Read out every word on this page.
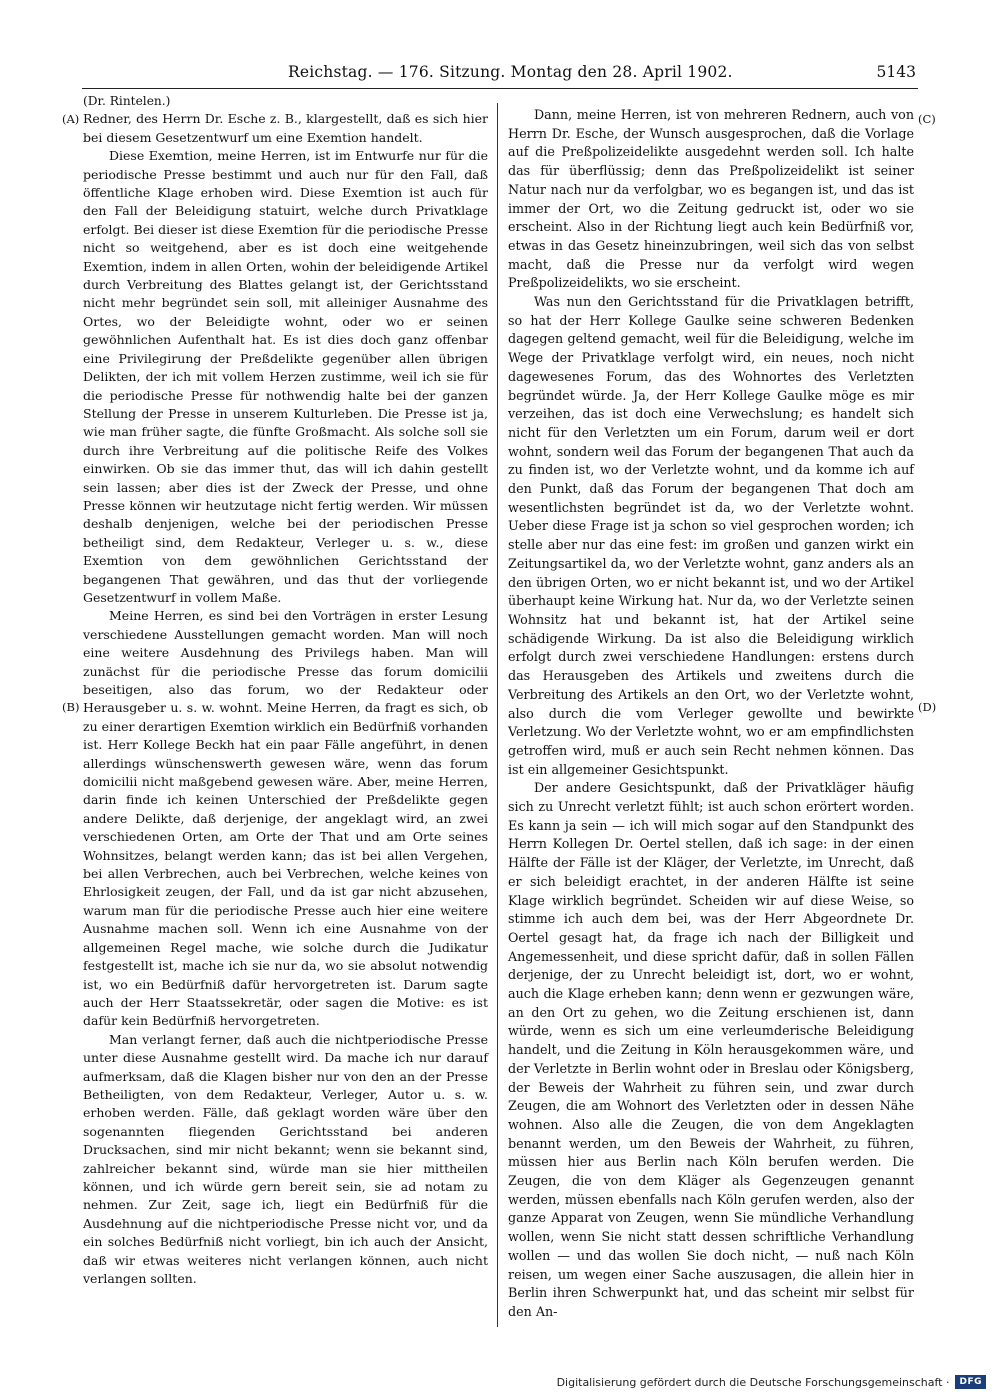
Reichstag. — 176. Sitzung. Montag den 28. April 1902.	5143

(Dr. Rintelen.)

Redner, des Herrn Dr. Esche z. B., klargestellt, daß es sich hier bei diesem Gesetzentwurf um eine Exemtion handelt.

Diese Exemtion, meine Herren, ist im Entwurfe nur für die periodische Presse bestimmt und auch nur für den Fall, daß öffentliche Klage erhoben wird. Diese Exemtion ist auch für den Fall der Beleidigung statuirt, welche durch Privatklage erfolgt. Bei dieser ist diese Exemtion für die periodische Presse nicht so weitgehend, aber es ist doch eine weitgehende Exemtion, indem in allen Orten, wohin der beleidigende Artikel durch Verbreitung des Blattes gelangt ist, der Gerichtsstand nicht mehr begründet sein soll, mit alleiniger Ausnahme des Ortes, wo der Beleidigte wohnt, oder wo er seinen gewöhnlichen Aufenthalt hat. Es ist dies doch ganz offenbar eine Privilegirung der Preßdelikte gegenüber allen übrigen Delikten, der ich mit vollem Herzen zustimme, weil ich sie für die periodische Presse für nothwendig halte bei der ganzen Stellung der Presse in unserem Kulturleben. Die Presse ist ja, wie man früher sagte, die fünfte Großmacht. Als solche soll sie durch ihre Verbreitung auf die politische Reife des Volkes einwirken. Ob sie das immer thut, das will ich dahin gestellt sein lassen; aber dies ist der Zweck der Presse, und ohne Presse können wir heutzutage nicht fertig werden. Wir müssen deshalb denjenigen, welche bei der periodischen Presse betheiligt sind, dem Redakteur, Verleger u. s. w., diese Exemtion von dem gewöhnlichen Gerichtsstand der begangenen That gewähren, und das thut der vorliegende Gesetzentwurf in vollem Maße.

Meine Herren, es sind bei den Vorträgen in erster Lesung verschiedene Ausstellungen gemacht worden. Man will noch eine weitere Ausdehnung des Privilegs haben. Man will zunächst für die periodische Presse das forum domicilii beseitigen, also das forum, wo der Redakteur oder Herausgeber u. s. w. wohnt. Meine Herren, da fragt es sich, ob zu einer derartigen Exemtion wirklich ein Bedürfniß vorhanden ist. Herr Kollege Beckh hat ein paar Fälle angeführt, in denen allerdings wünschenswerth gewesen wäre, wenn das forum domicilii nicht maßgebend gewesen wäre. Aber, meine Herren, darin finde ich keinen Unterschied der Preßdelikte gegen andere Delikte, daß derjenige, der angeklagt wird, an zwei verschiedenen Orten, am Orte der That und am Orte seines Wohnsitzes, belangt werden kann; das ist bei allen Vergehen, bei allen Verbrechen, auch bei Verbrechen, welche keines von Ehrlosigkeit zeugen, der Fall, und da ist gar nicht abzusehen, warum man für die periodische Presse auch hier eine weitere Ausnahme machen soll. Wenn ich eine Ausnahme von der allgemeinen Regel mache, wie solche durch die Judikatur festgestellt ist, mache ich sie nur da, wo sie absolut notwendig ist, wo ein Bedürfniß dafür hervorgetreten ist. Darum sagte auch der Herr Staatssekretär, oder sagen die Motive: es ist dafür kein Bedürfniß hervorgetreten.

Man verlangt ferner, daß auch die nichtperiodische Presse unter diese Ausnahme gestellt wird. Da mache ich nur darauf aufmerksam, daß die Klagen bisher nur von den an der Presse Betheiligten, von dem Redakteur, Verleger, Autor u. s. w. erhoben werden. Fälle, daß geklagt worden wäre über den sogenannten fliegenden Gerichtsstand bei anderen Drucksachen, sind mir nicht bekannt; wenn sie bekannt sind, zahlreicher bekannt sind, würde man sie hier mittheilen können, und ich würde gern bereit sein, sie ad notam zu nehmen. Zur Zeit, sage ich, liegt ein Bedürfniß für die Ausdehnung auf die nichtperiodische Presse nicht vor, und da ein solches Bedürfniß nicht vorliegt, bin ich auch der Ansicht, daß wir etwas weiteres nicht verlangen können, auch nicht verlangen sollten.

Dann, meine Herren, ist von mehreren Rednern, auch von Herrn Dr. Esche, der Wunsch ausgesprochen, daß die Vorlage auf die Preßpolizeidelikte ausgedehnt werden soll. Ich halte das für überflüssig; denn das Preßpolizeidelikt ist seiner Natur nach nur da verfolgbar, wo es begangen ist, und das ist immer der Ort, wo die Zeitung gedruckt ist, oder wo sie erscheint. Also in der Richtung liegt auch kein Bedürfniß vor, etwas in das Gesetz hineinzubringen, weil sich das von selbst macht, daß die Presse nur da verfolgt wird wegen Preßpolizeidelikts, wo sie erscheint.

Was nun den Gerichtsstand für die Privatklagen betrifft, so hat der Herr Kollege Gaulke seine schweren Bedenken dagegen geltend gemacht, weil für die Beleidigung, welche im Wege der Privatklage verfolgt wird, ein neues, noch nicht dagewesenes Forum, das des Wohnortes des Verletzten begründet würde. Ja, der Herr Kollege Gaulke möge es mir verzeihen, das ist doch eine Verwechslung; es handelt sich nicht für den Verletzten um ein Forum, darum weil er dort wohnt, sondern weil das Forum der begangenen That auch da zu finden ist, wo der Verletzte wohnt, und da komme ich auf den Punkt, daß das Forum der begangenen That doch am wesentlichsten begründet ist da, wo der Verletzte wohnt. Ueber diese Frage ist ja schon so viel gesprochen worden; ich stelle aber nur das eine fest: im großen und ganzen wirkt ein Zeitungsartikel da, wo der Verletzte wohnt, ganz anders als an den übrigen Orten, wo er nicht bekannt ist, und wo der Artikel überhaupt keine Wirkung hat. Nur da, wo der Verletzte seinen Wohnsitz hat und bekannt ist, hat der Artikel seine schädigende Wirkung. Da ist also die Beleidigung wirklich erfolgt durch zwei verschiedene Handlungen: erstens durch das Herausgeben des Artikels und zweitens durch die Verbreitung des Artikels an den Ort, wo der Verletzte wohnt, also durch die vom Verleger gewollte und bewirkte Verletzung. Wo der Verletzte wohnt, wo er am empfindlichsten getroffen wird, muß er auch sein Recht nehmen können. Das ist ein allgemeiner Gesichtspunkt.

Der andere Gesichtspunkt, daß der Privatkläger häufig sich zu Unrecht verletzt fühlt; ist auch schon erörtert worden. Es kann ja sein — ich will mich sogar auf den Standpunkt des Herrn Kollegen Dr. Oertel stellen, daß ich sage: in der einen Hälfte der Fälle ist der Kläger, der Verletzte, im Unrecht, daß er sich beleidigt erachtet, in der anderen Hälfte ist seine Klage wirklich begründet. Scheiden wir auf diese Weise, so stimme ich auch dem bei, was der Herr Abgeordnete Dr. Oertel gesagt hat, da frage ich nach der Billigkeit und Angemessenheit, und diese spricht dafür, daß in sollen Fällen derjenige, der zu Unrecht beleidigt ist, dort, wo er wohnt, auch die Klage erheben kann; denn wenn er gezwungen wäre, an den Ort zu gehen, wo die Zeitung erschienen ist, dann würde, wenn es sich um eine verleumderische Beleidigung handelt, und die Zeitung in Köln herausgekommen wäre, und der Verletzte in Berlin wohnt oder in Breslau oder Königsberg, der Beweis der Wahrheit zu führen sein, und zwar durch Zeugen, die am Wohnort des Verletzten oder in dessen Nähe wohnen. Also alle die Zeugen, die von dem Angeklagten benannt werden, um den Beweis der Wahrheit, zu führen, müssen hier aus Berlin nach Köln berufen werden. Die Zeugen, die von dem Kläger als Gegenzeugen genannt werden, müssen ebenfalls nach Köln gerufen werden, also der ganze Apparat von Zeugen, wenn Sie mündliche Verhandlung wollen, wenn Sie nicht statt dessen schriftliche Verhandlung wollen — und das wollen Sie doch nicht, — nuß nach Köln reisen, um wegen einer Sache auszusagen, die allein hier in Berlin ihren Schwerpunkt hat, und das scheint mir selbst für den An-

(A)
(B)
(C)
(D)
Digitalisierung gefördert durch die Deutsche Forschungsgemeinschaft ·	DFG
